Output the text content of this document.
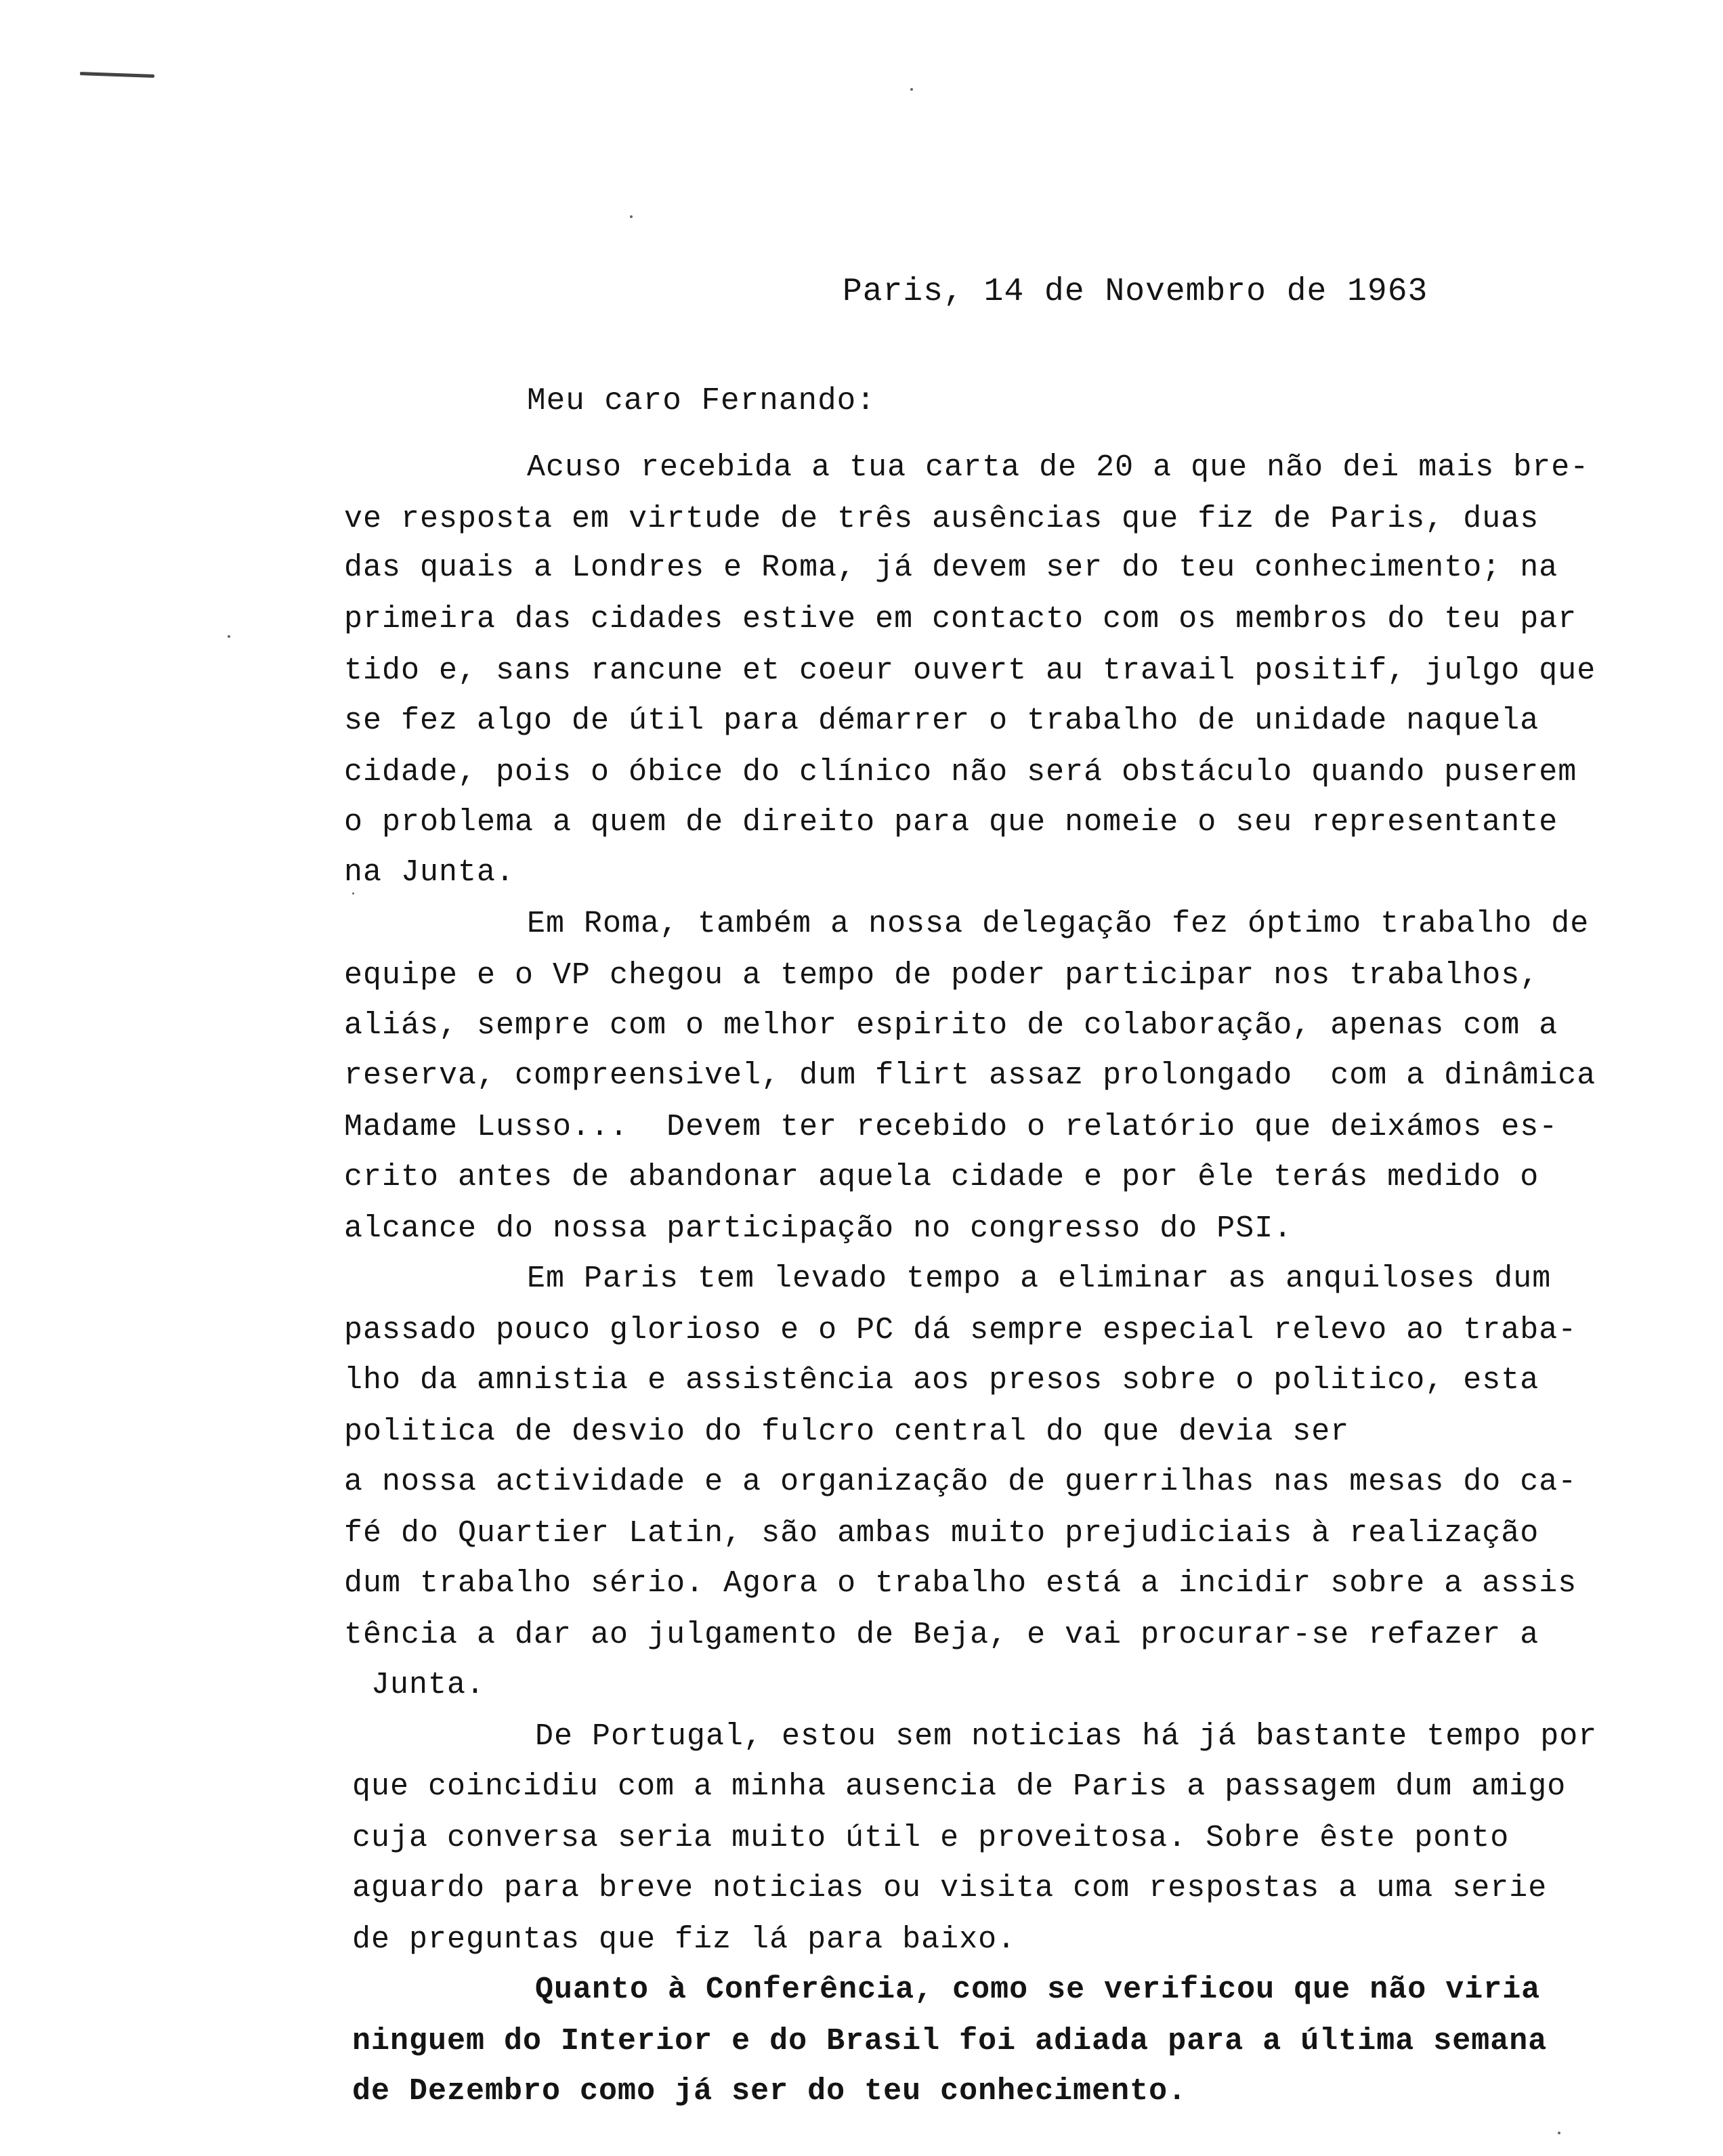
Paris, 14 de Novembro de 1963
Meu caro Fernando:
Acuso recebida a tua carta de 20 a que não dei mais bre-
ve resposta em virtude de três ausências que fiz de Paris, duas
das quais a Londres e Roma, já devem ser do teu conhecimento; na
primeira das cidades estive em contacto com os membros do teu par
tido e, sans rancune et coeur ouvert au travail positif, julgo que
se fez algo de útil para démarrer o trabalho de unidade naquela
cidade, pois o óbice do clínico não será obstáculo quando puserem
o problema a quem de direito para que nomeie o seu representante
na Junta.
Em Roma, também a nossa delegação fez óptimo trabalho de
equipe e o VP chegou a tempo de poder participar nos trabalhos,
aliás, sempre com o melhor espirito de colaboração, apenas com a
reserva, compreensivel, dum flirt assaz prolongado  com a dinâmica
Madame Lusso...  Devem ter recebido o relatório que deixámos es-
crito antes de abandonar aquela cidade e por êle terás medido o
alcance do nossa participação no congresso do PSI.
Em Paris tem levado tempo a eliminar as anquiloses dum
passado pouco glorioso e o PC dá sempre especial relevo ao traba-
lho da amnistia e assistência aos presos sobre o politico, esta
politica de desvio do fulcro central do que devia ser
a nossa actividade e a organização de guerrilhas nas mesas do ca-
fé do Quartier Latin, são ambas muito prejudiciais à realização
dum trabalho sério. Agora o trabalho está a incidir sobre a assis
tência a dar ao julgamento de Beja, e vai procurar-se refazer a
Junta.
De Portugal, estou sem noticias há já bastante tempo por
que coincidiu com a minha ausencia de Paris a passagem dum amigo
cuja conversa seria muito útil e proveitosa. Sobre êste ponto
aguardo para breve noticias ou visita com respostas a uma serie
de preguntas que fiz lá para baixo.
Quanto à Conferência, como se verificou que não viria
ninguem do Interior e do Brasil foi adiada para a última semana
de Dezembro como já ser do teu conhecimento.
